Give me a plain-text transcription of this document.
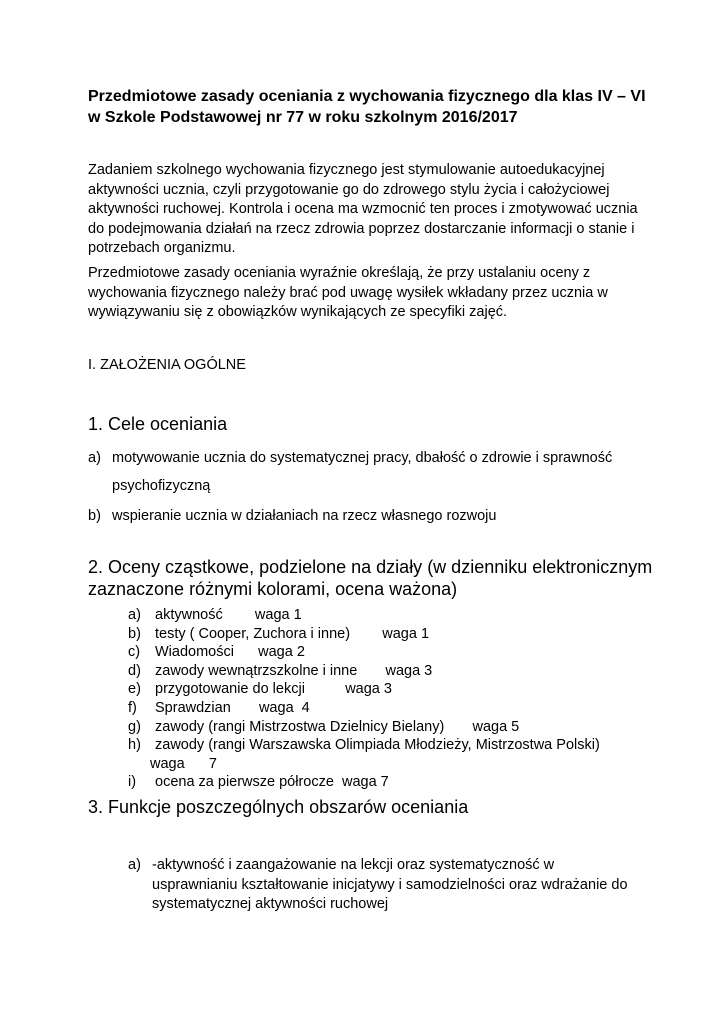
Przedmiotowe zasady oceniania z wychowania fizycznego dla klas IV – VI w Szkole Podstawowej nr 77 w roku szkolnym 2016/2017

Zadaniem szkolnego wychowania fizycznego jest stymulowanie autoedukacyjnej aktywności ucznia, czyli przygotowanie go do zdrowego stylu życia i całożyciowej aktywności ruchowej. Kontrola i ocena ma wzmocnić ten proces i zmotywować ucznia do podejmowania działań na rzecz zdrowia poprzez dostarczanie informacji o stanie i potrzebach organizmu.

Przedmiotowe zasady oceniania wyraźnie określają, że przy ustalaniu oceny z wychowania fizycznego należy brać pod uwagę wysiłek wkładany przez ucznia w wywiązywaniu się z obowiązków wynikających ze specyfiki zajęć.

I. ZAŁOŻENIA OGÓLNE

1. Cele oceniania
a) motywowanie ucznia do systematycznej pracy, dbałość o zdrowie i sprawność psychofizyczną
b) wspieranie ucznia w działaniach na rzecz własnego rozwoju
2. Oceny cząstkowe, podzielone na działy (w dzienniku elektronicznym zaznaczone różnymi kolorami, ocena ważona)
a) aktywność        waga 1
b) testy ( Cooper, Zuchora i inne)        waga 1
c) Wiadomości      waga 2
d) zawody wewnątrzszkolne i inne       waga 3
e) przygotowanie do lekcji          waga 3
f) Sprawdzian       waga  4
g) zawody (rangi Mistrzostwa Dzielnicy Bielany)       waga 5
h) zawody (rangi Warszawska Olimpiada Młodzieży, Mistrzostwa Polski)
waga      7
i) ocena za pierwsze półrocze  waga 7
3. Funkcje poszczególnych obszarów oceniania
a) -aktywność i zaangażowanie na lekcji oraz systematyczność w usprawnianiu kształtowanie inicjatywy i samodzielności oraz wdrażanie do systematycznej aktywności ruchowej
